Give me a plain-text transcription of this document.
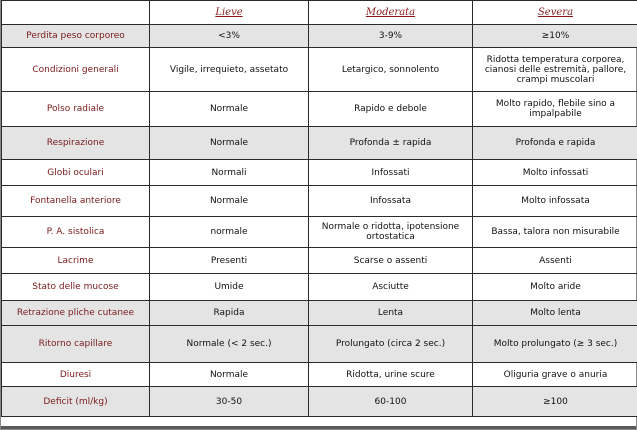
	Lieve	Moderata	Severa
Perdita peso corporeo	<3%	3-9%	≥10%
Condizioni generali	Vigile, irrequieto, assetato	Letargico, sonnolento	Ridotta temperatura corporea, cianosi delle estremità, pallore, crampi muscolari
Polso radiale	Normale	Rapido e debole	Molto rapido, flebile sino a impalpabile
Respirazione	Normale	Profonda ± rapida	Profonda e rapida
Globi oculari	Normali	Infossati	Molto infossati
Fontanella anteriore	Normale	Infossata	Molto infossata
P. A. sistolica	normale	Normale o ridotta, ipotensione ortostatica	Bassa, talora non misurabile
Lacrime	Presenti	Scarse o assenti	Assenti
Stato delle mucose	Umide	Asciutte	Molto aride
Retrazione pliche cutanee	Rapida	Lenta	Molto lenta
Ritorno capillare	Normale (< 2 sec.)	Prolungato (circa 2 sec.)	Molto prolungato (≥ 3 sec.)
Diuresi	Normale	Ridotta, urine scure	Oliguria grave o anuria
Deficit (ml/kg)	30-50	60-100	≥100
